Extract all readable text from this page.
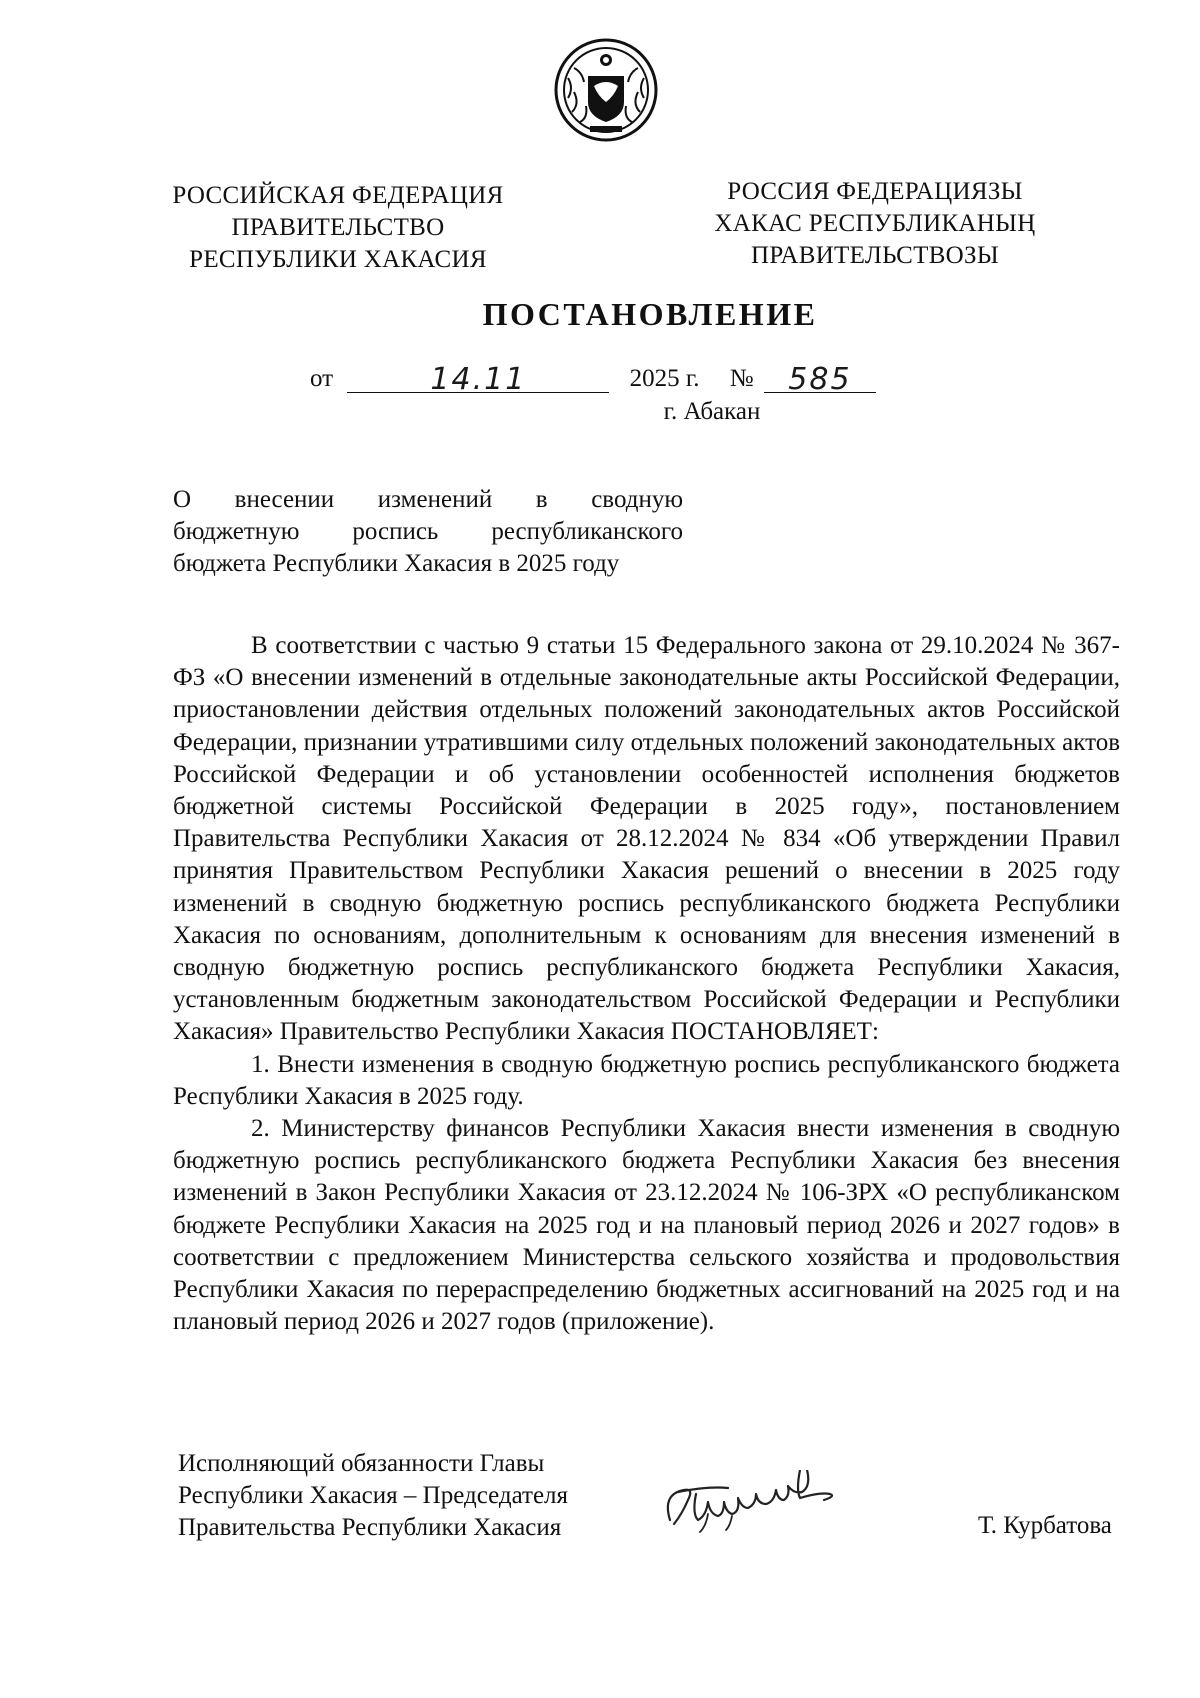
РОССИЙСКАЯ ФЕДЕРАЦИЯ
ПРАВИТЕЛЬСТВО
РЕСПУБЛИКИ ХАКАСИЯ
РОССИЯ ФЕДЕРАЦИЯЗЫ
ХАКАС РЕСПУБЛИКАНЫҢ
ПРАВИТЕЛЬСТВОЗЫ
ПОСТАНОВЛЕНИЕ
от	14.11	2025 г. № 585
г. Абакан
О внесении изменений в сводную
бюджетную роспись республиканского
бюджета Республики Хакасия в 2025 году

В соответствии с частью 9 статьи 15 Федерального закона от 29.10.2024 № 367-ФЗ «О внесении изменений в отдельные законодательные акты Российской Федерации, приостановлении действия отдельных положений законодательных актов Российской Федерации, признании утратившими силу отдельных положений законодательных актов Российской Федерации и об установлении особенностей исполнения бюджетов бюджетной системы Российской Федерации в 2025 году», постановлением Правительства Республики Хакасия от 28.12.2024 № 834 «Об утверждении Правил принятия Правительством Республики Хакасия решений о внесении в 2025 году изменений в сводную бюджетную роспись республиканского бюджета Республики Хакасия по основаниям, дополнительным к основаниям для внесения изменений в сводную бюджетную роспись республиканского бюджета Республики Хакасия, установленным бюджетным законодательством Российской Федерации и Республики Хакасия» Правительство Республики Хакасия ПОСТАНОВЛЯЕТ:

1. Внести изменения в сводную бюджетную роспись республиканского бюджета Республики Хакасия в 2025 году.

2. Министерству финансов Республики Хакасия внести изменения в сводную бюджетную роспись республиканского бюджета Республики Хакасия без внесения изменений в Закон Республики Хакасия от 23.12.2024 № 106-ЗРХ «О республиканском бюджете Республики Хакасия на 2025 год и на плановый период 2026 и 2027 годов» в соответствии с предложением Министерства сельского хозяйства и продовольствия Республики Хакасия по перераспределению бюджетных ассигнований на 2025 год и на плановый период 2026 и 2027 годов (приложение).

Исполняющий обязанности Главы
Республики Хакасия – Председателя
Правительства Республики Хакасия	Т. Курбатова
